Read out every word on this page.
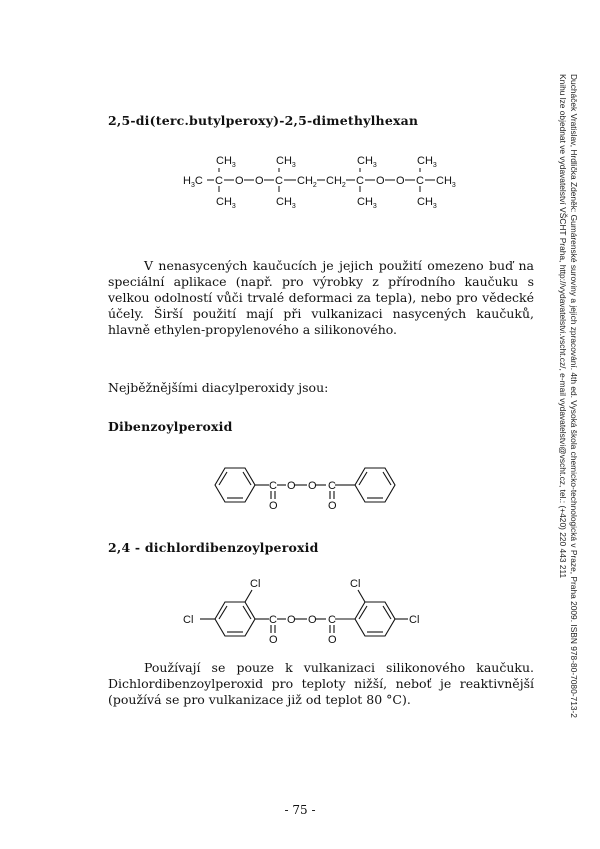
Ducháček Vratislav, Hrdlička Zdeněk: Gumárenské suroviny a jejich zpracování. 4th ed. Vysoká škola chemicko-technologická v Praze, Praha 2009. ISBN 978-80-7080-713-2
Knihu lze objednat ve vydavatelství VŠCHT Praha, http://vydavatelstvi.vscht.cz/, e-mail vydavatelstvi@vscht.cz, tel.: (+420) 220 443 211
2,5-di(terc.butylperoxy)-2,5-dimethylhexan
$CH_3$	$CH_3$	$CH_3$	$CH_3$
$H_3C$ C O O C $CH_2$ $CH_2$ C O O C $CH_3$
$CH_3$	$CH_3$	$CH_3$	$CH_3$
V nenasycených kaučucích je jejich použití omezeno buď na speciální aplikace (např. pro výrobky z přírodního kaučuku s velkou odolností vůči trvalé deformaci za tepla), nebo pro vědecké účely. Širší použití mají při vulkanizaci nasycených kaučuků, hlavně ethylen-propylenového a silikonového.
Nejběžnějšími diacylperoxidy jsou:
Dibenzoylperoxid
C O O C
O	O
2,4 - dichlordibenzoylperoxid
Cl
Cl	Cl
Cl
C O O C
O	O
Používají se pouze k vulkanizaci silikonového kaučuku. Dichlordibenzoylperoxid pro teploty nižší, neboť je reaktivnější (používá se pro vulkanizace již od teplot 80 °C).
- 75 -
